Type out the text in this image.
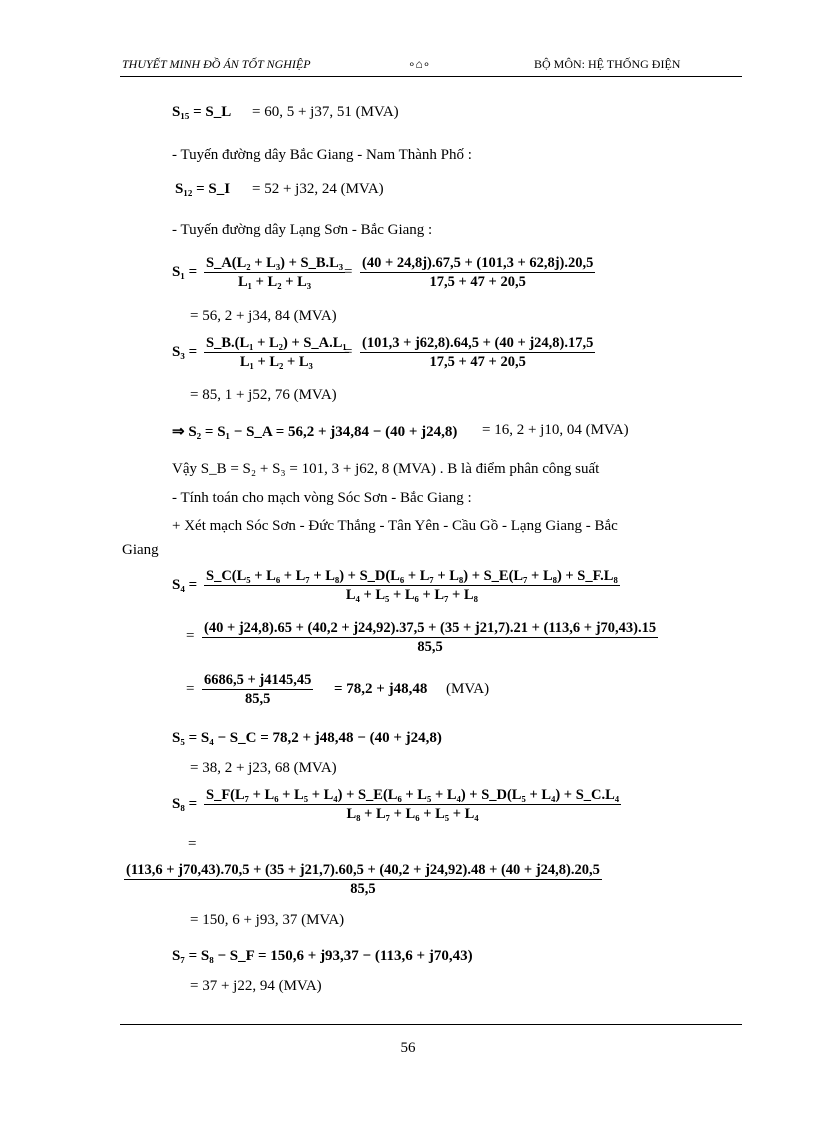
THUYẾT MINH ĐỒ ÁN TỐT NGHIỆP	∘⌂∘	BỘ MÔN: HỆ THỐNG ĐIỆN
S₁₅ = S_L = 60, 5 + j37, 51 (MVA)
- Tuyến đường dây Bắc Giang - Nam Thành Phố :
S₁₂ = S_I = 52 + j32, 24 (MVA)
- Tuyến đường dây Lạng Sơn - Bắc Giang :
$S_1 = \frac{\text{S\_A(L₂ + L₃) + S\_B.L₃}}{\text{L₁ + L₂ + L₃}}$
= $\frac{(40 + 24,8j).67,5 + (101,3 + 62,8j).20,5}{17,5 + 47 + 20,5}$
= 56, 2 + j34, 84 (MVA)
$S_3 = \frac{\text{S\_B.(L₁ + L₂) + S\_A.L₁}}{\text{L₁ + L₂ + L₃}}$
= $\frac{(101,3 + j62,8).64,5 + (40 + j24,8).17,5}{17,5 + 47 + 20,5}$
= 85, 1 + j52, 76 (MVA)
⇒ S₂ = S₁ − S_A = 56,2 + j34,84 − (40 + j24,8) = 16, 2 + j10, 04 (MVA)
Vậy S_B = S₂ + S₃ = 101, 3 + j62, 8 (MVA) . B là điểm phân công suất
- Tính toán cho mạch vòng Sóc Sơn - Bắc Giang :
+ Xét mạch Sóc Sơn - Đức Thắng - Tân Yên - Cầu Gồ - Lạng Giang - Bắc
Giang
S₄ =
S_C(L₅ + L₆ + L₇ + L₈) + S_D(L₆ + L₇ + L₈) + S_E(L₇ + L₈) + S_F.L₈
L₄ + L₅ + L₆ + L₇ + L₈
= (40 + j24,8).65 + (40,2 + j24,92).37,5 + (35 + j21,7).21 + (113,6 + j70,43).15
85,5
= $\frac{6686,5 + j4145,45}{85,5} = 78,2 + j48,48$ (MVA)
S₅ = S₄ − S_C = 78,2 + j48,48 − (40 + j24,8)
= 38, 2 + j23, 68 (MVA)
S₈ =
S_F(L₇ + L₆ + L₅ + L₄) + S_E(L₆ + L₅ + L₄) + S_D(L₅ + L₄) + S_C.L₄
L₈ + L₇ + L₆ + L₅ + L₄
=
(113,6 + j70,43).70,5 + (35 + j21,7).60,5 + (40,2 + j24,92).48 + (40 + j24,8).20,5
85,5
= 150, 6 + j93, 37 (MVA)
S₇ = S₈ − S_F = 150,6 + j93,37 − (113,6 + j70,43)
= 37 + j22, 94 (MVA)
56
